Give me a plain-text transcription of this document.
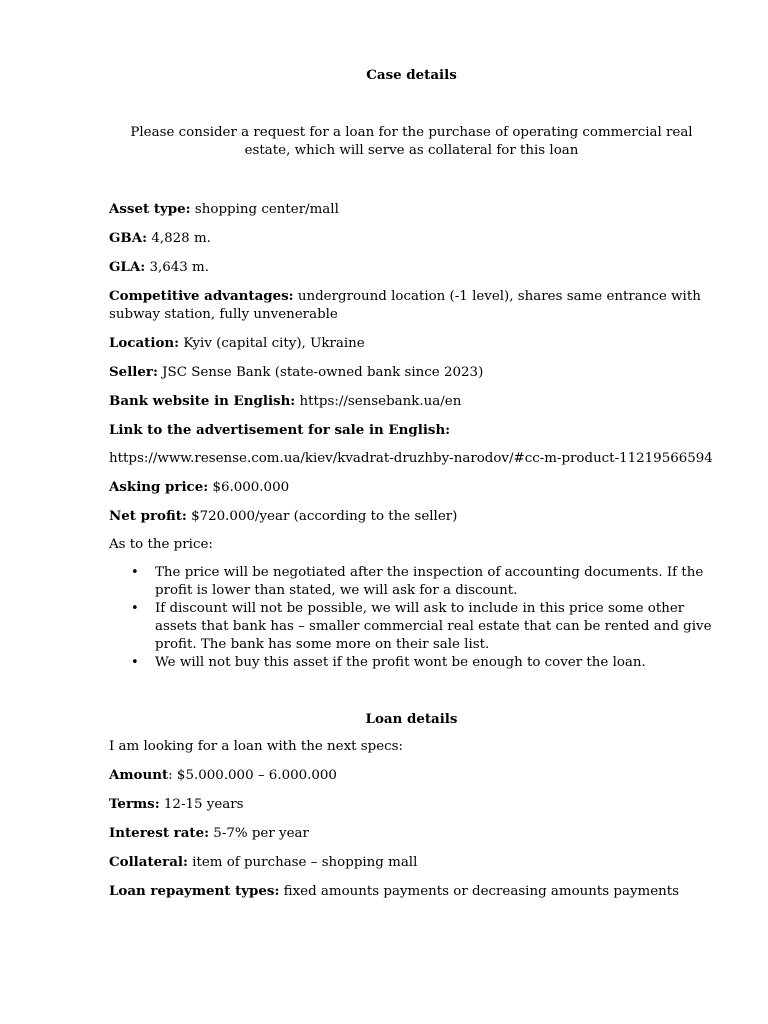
Case details

Please consider a request for a loan for the purchase of operating commercial real estate, which will serve as collateral for this loan

Asset type: shopping center/mall

GBA: 4,828 m.

GLA: 3,643 m.

Competitive advantages: underground location (-1 level), shares same entrance with subway station, fully unvenerable

Location: Kyiv (capital city), Ukraine

Seller: JSC Sense Bank (state-owned bank since 2023)

Bank website in English: https://sensebank.ua/en

Link to the advertisement for sale in English:

https://www.resense.com.ua/kiev/kvadrat-druzhby-narodov/#cc-m-product-11219566594

Asking price: $6.000.000

Net profit: $720.000/year (according to the seller)

As to the price:

• The price will be negotiated after the inspection of accounting documents. If the profit is lower than stated, we will ask for a discount.
• If discount will not be possible, we will ask to include in this price some other assets that bank has – smaller commercial real estate that can be rented and give profit. The bank has some more on their sale list.
• We will not buy this asset if the profit wont be enough to cover the loan.

Loan details

I am looking for a loan with the next specs:

Amount: $5.000.000 – 6.000.000

Terms: 12-15 years

Interest rate: 5-7% per year

Collateral: item of purchase – shopping mall

Loan repayment types: fixed amounts payments or decreasing amounts payments
